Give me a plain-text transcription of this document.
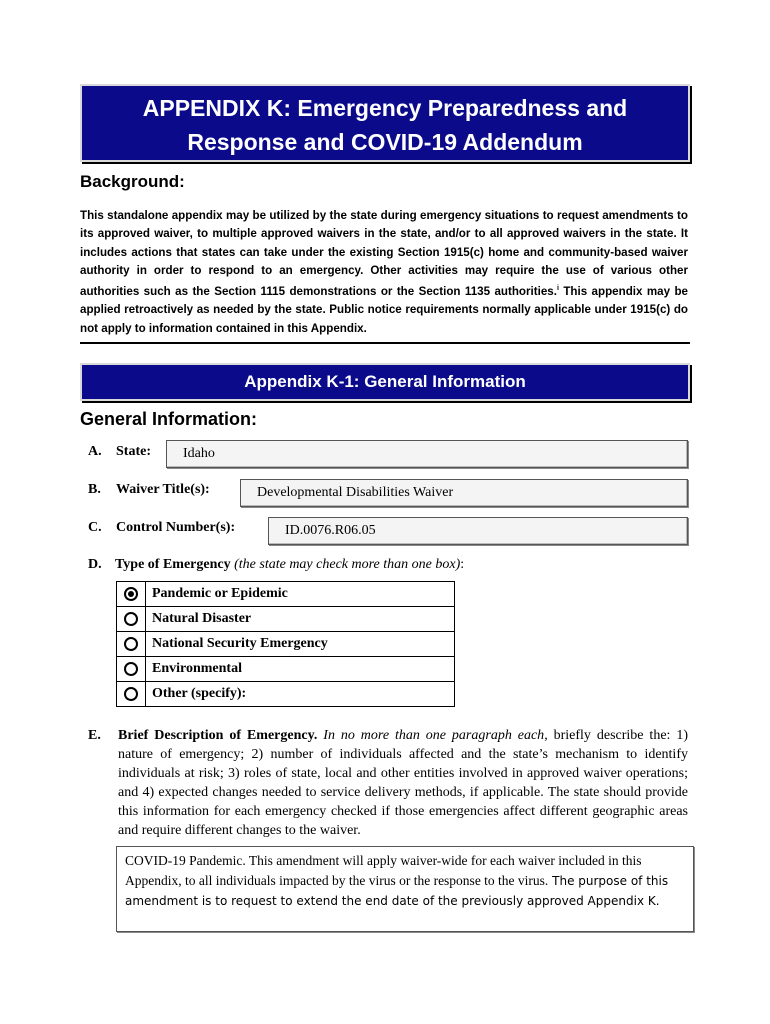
APPENDIX K: Emergency Preparedness and
Response and COVID-19 Addendum
Background:
This standalone appendix may be utilized by the state during emergency situations to request amendments to its approved waiver, to multiple approved waivers in the state, and/or to all approved waivers in the state. It includes actions that states can take under the existing Section 1915(c) home and community-based waiver authority in order to respond to an emergency. Other activities may require the use of various other authorities such as the Section 1115 demonstrations or the Section 1135 authorities.$^i$ This appendix may be applied retroactively as needed by the state. Public notice requirements normally applicable under 1915(c) do not apply to information contained in this Appendix.
Appendix K-1: General Information
General Information:
A. State:	Idaho
B. Waiver Title(s):	Developmental Disabilities Waiver
C. Control Number(s):	ID.0076.R06.05
D. Type of Emergency (the state may check more than one box):
	Pandemic or Epidemic
	Natural Disaster
	National Security Emergency
	Environmental
	Other (specify):
E. Brief Description of Emergency. In no more than one paragraph each, briefly describe the: 1) nature of emergency; 2) number of individuals affected and the state’s mechanism to identify individuals at risk; 3) roles of state, local and other entities involved in approved waiver operations; and 4) expected changes needed to service delivery methods, if applicable. The state should provide this information for each emergency checked if those emergencies affect different geographic areas and require different changes to the waiver.
COVID-19 Pandemic. This amendment will apply waiver-wide for each waiver included in this Appendix, to all individuals impacted by the virus or the response to the virus. The purpose of this amendment is to request to extend the end date of the previously approved Appendix K.
